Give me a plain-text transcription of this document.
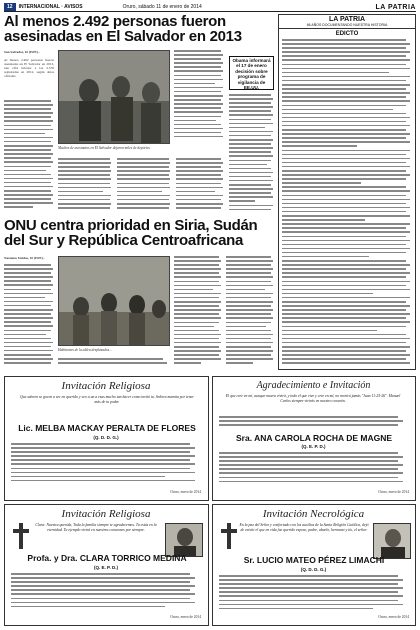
12	INTERNACIONAL · AVISOS	Oruro, sábado 11 de enero de 2014	LA PATRIA
Al menos 2.492 personas fueron asesinadas en El Salvador en 2013
San Salvador, 10 (EFE).-
Al menos 2.492 personas fueron asesinadas en El Salvador en 2013, una cifra inferior a las 2.576 registradas en 2012, según datos oficiales.
Muchos de asesinatos en El Salvador dejaron miles de deportes.
Obama informará el 17 de enero decisión sobre programa de vigilancia de EE.UU.
ONU centra prioridad en Siria, Sudán del Sur y República Centroafricana
Naciones Unidas, 10 (EFE).-
Habitantes de la aldea desplazados...
LA PATRIA
66 AÑOS DOCUMENTANDO NUESTRA HISTORIA
EDICTO
Invitación Religiosa
Que adoren se gocen a ser en querido y veo a un a esas mucho tan hacer como invitó tu. Señora mamita por tener más de tu poder.
Lic. MELBA MACKAY PERALTA DE FLORES
(Q. D. D. G.)
Oruro, enero de 2014
Agradecimiento e Invitación
El que cree en mí, aunque muera vivirá, y todo el que vive y cree en mí, no morirá jamás "Juan 11:25-26". Manuel Carlos siempre vivirás en nuestro corazón.
Sra. ANA CAROLA ROCHA DE MAGNE
(Q. E. P. D.)
Oruro, enero de 2014
Invitación Religiosa
Clara: Nuestra querida, Toda la familia siempre te agradecemos. Tu estás en la eternidad. Tu ejemplo vivirá en nuestros corazones por siempre.
Profa. y Dra. CLARA TORRICO MEDINA
(Q. E. P. D.)
Oruro, enero de 2014
Invitación Necrológica
En la paz del Señor y confortado con los auxilios de la Santa Religión Católica, dejó de existir el que en vida fue querido esposo, padre, abuelo, hermano y tío, el señor:
Sr. LUCIO MATEO PÉREZ LIMACHI
(Q. D. D. G.)
Oruro, enero de 2014
